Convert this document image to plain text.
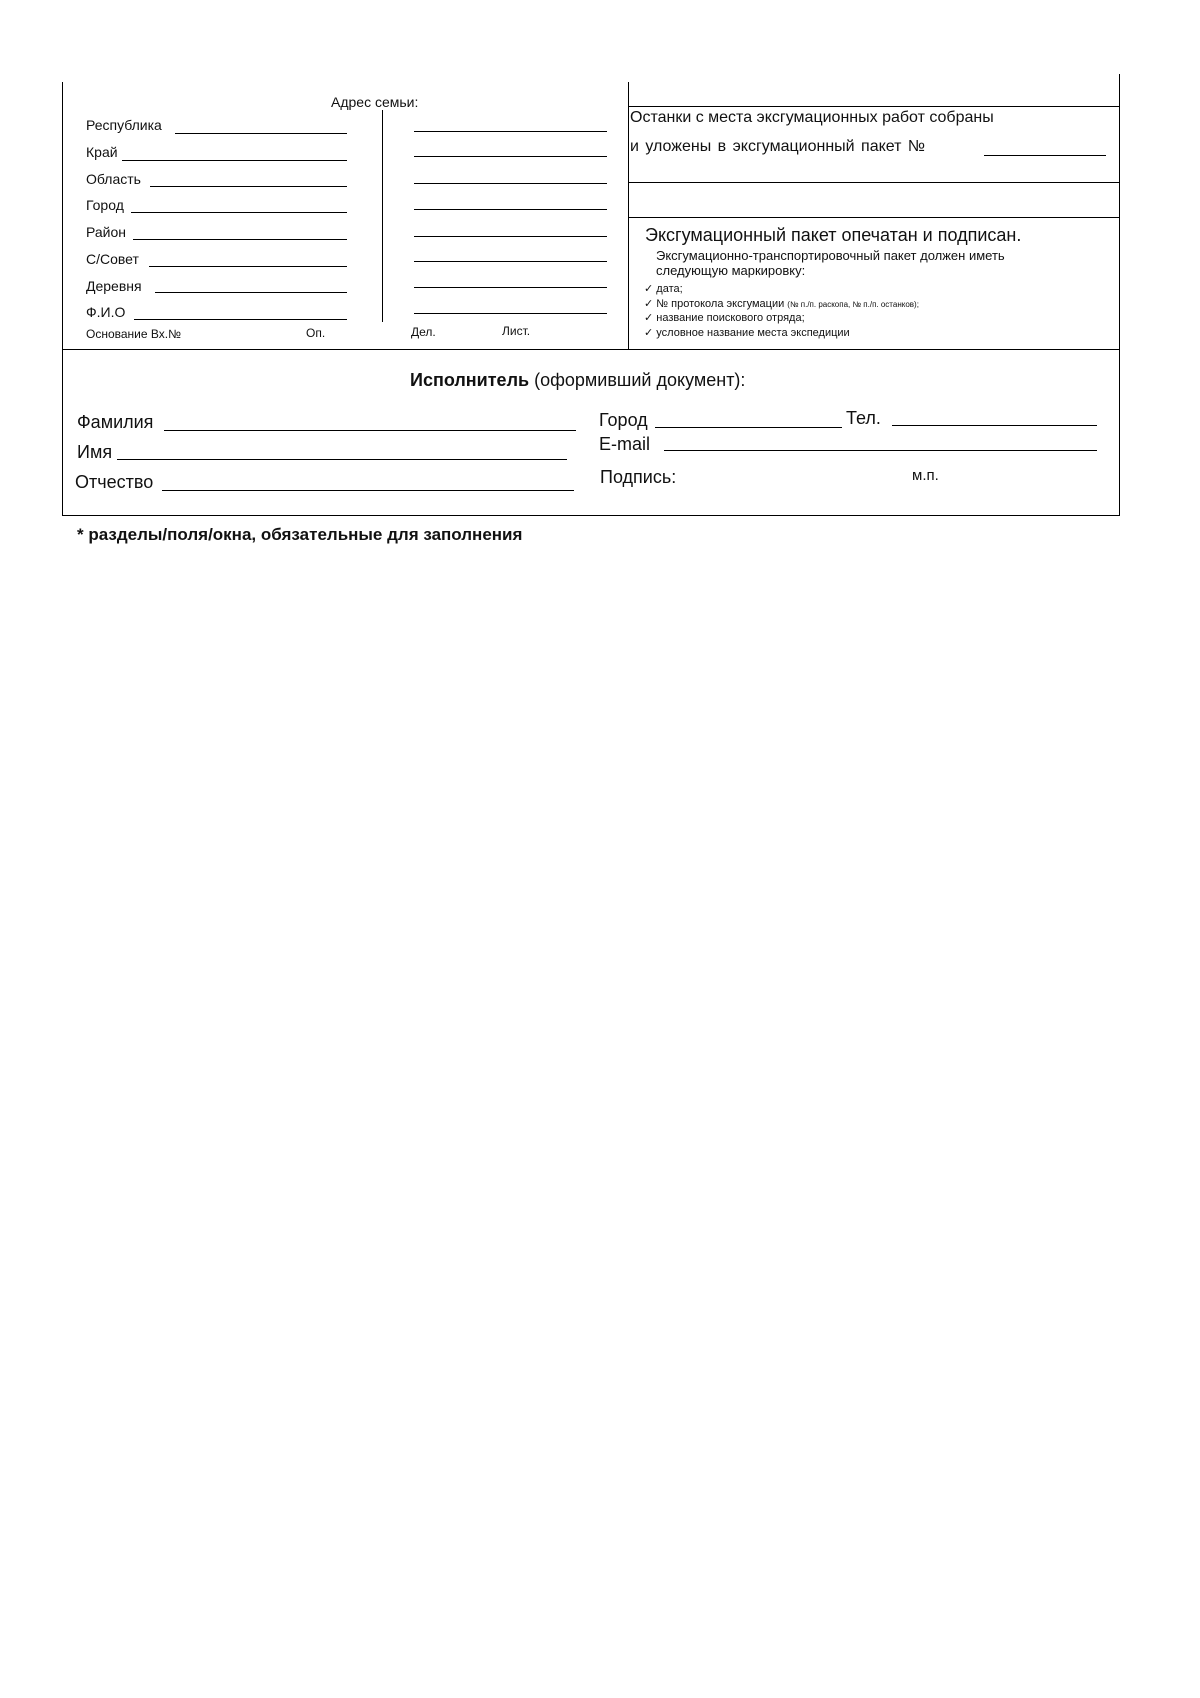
Адрес семьи:
Республика
Край
Область
Город
Район
С/Совет
Деревня
Ф.И.О
Основание Вх.№	Оп.	Дел.	Лист.
Останки с места эксгумационных работ собраны
и уложены в эксгумационный пакет №
Эксгумационный пакет опечатан и подписан.
Эксгумационно-транспортировочный пакет должен иметь
следующую маркировку:
✓ дата;
✓ № протокола эксгумации (№ п./п. раскопа, № п./п. останков);
✓ название поискового отряда;
✓ условное название места экспедиции
Исполнитель (оформивший документ):
Фамилия
Имя
Отчество
Город	Тел.
E-mail
Подпись:	м.п.
* разделы/поля/окна, обязательные для заполнения
